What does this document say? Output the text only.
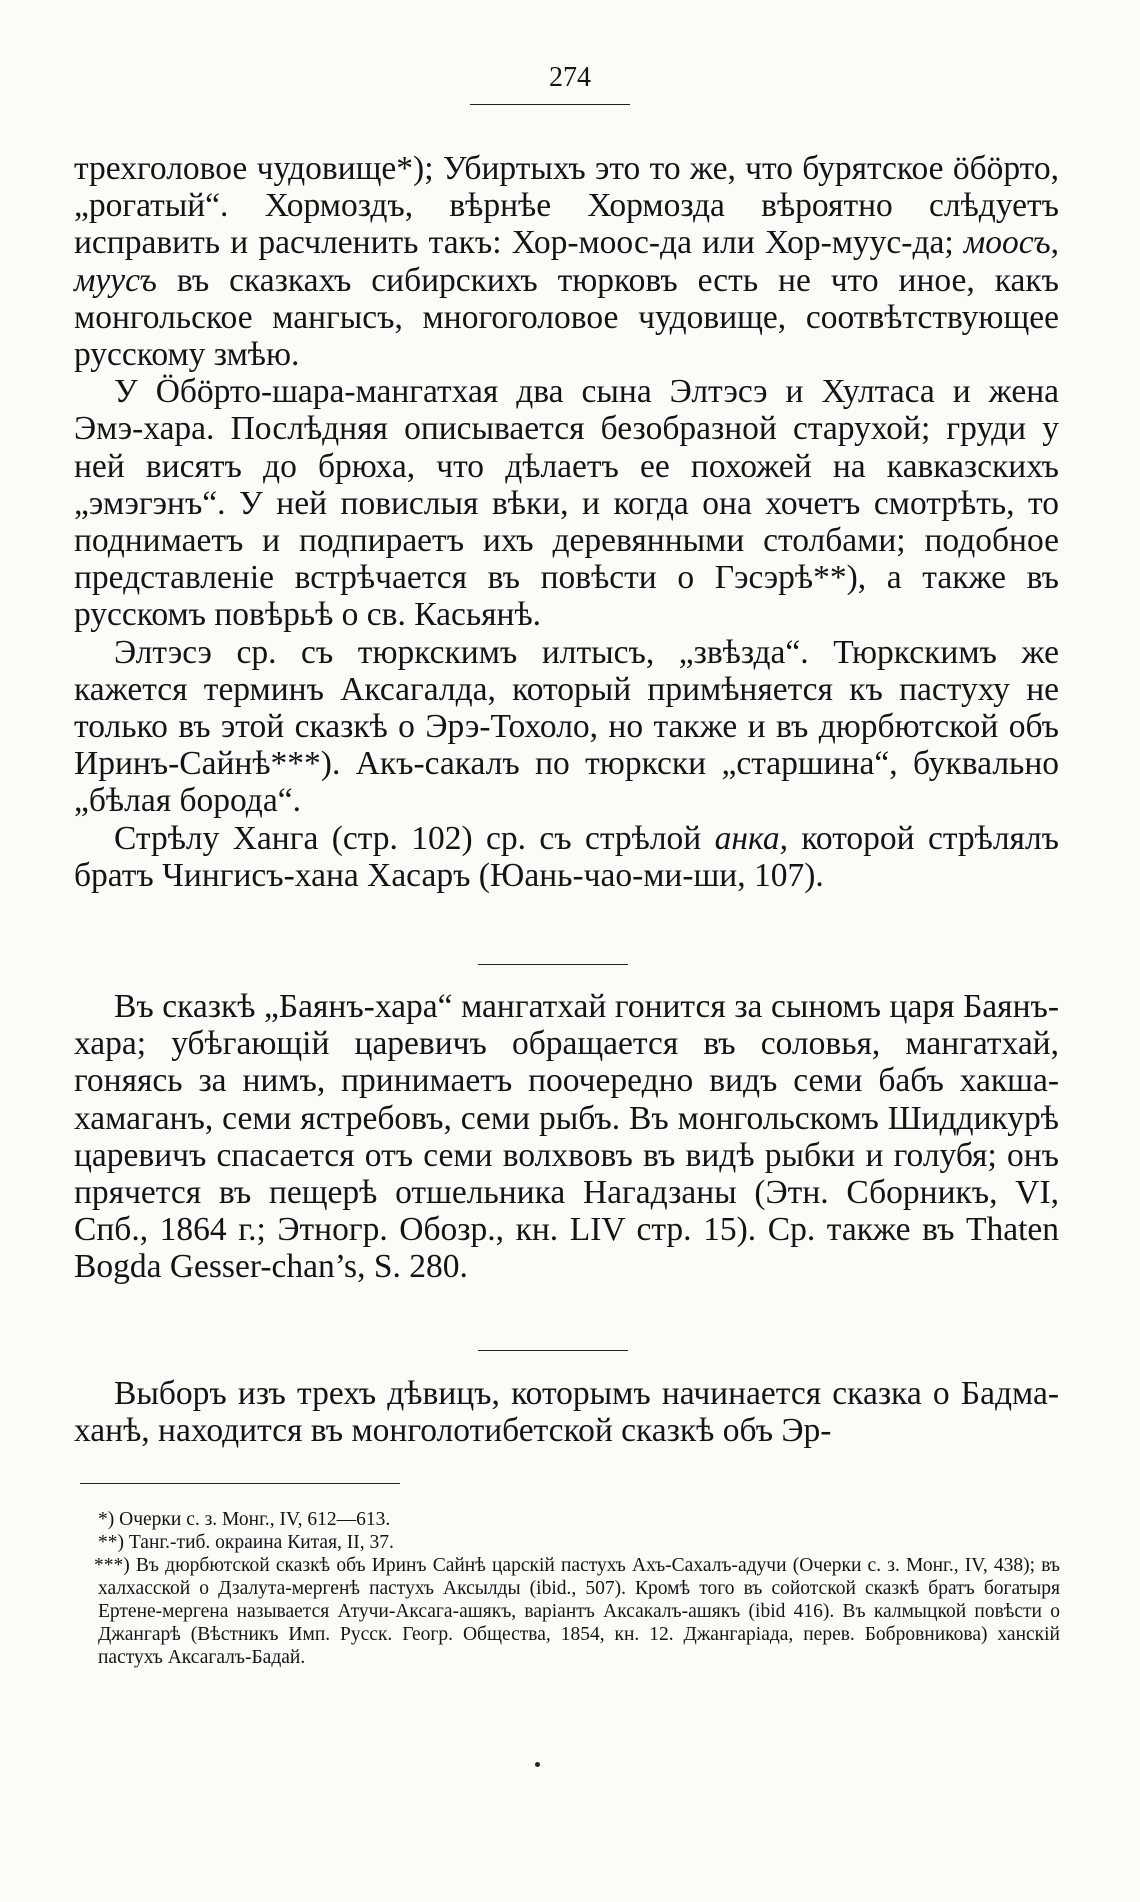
274

трехголовое чудовище*); Убиртыхъ это то же, что бурятское ӧбӧрто, „рогатый“. Хормоздъ, вѣрнѣе Хормозда вѣроятно слѣдуетъ исправить и расчленить такъ: Хор-моос-да или Хор-муус-да; моосъ, муусъ въ сказкахъ сибирскихъ тюрковъ есть не что иное, какъ монгольское мангысъ, многоголовое чудовище, соотвѣтствующее русскому змѣю.

У Ӧбӧрто-шара-мангатхая два сына Элтэсэ и Хултаса и жена Эмэ-хара. Послѣдняя описывается безобразной старухой; груди у ней висятъ до брюха, что дѣлаетъ ее похожей на кавказскихъ „эмэгэнъ“. У ней повислыя вѣки, и когда она хочетъ смотрѣть, то поднимаетъ и подпираетъ ихъ деревянными столбами; подобное представленіе встрѣчается въ повѣсти о Гэсэрѣ**), а также въ русскомъ повѣрьѣ о св. Касьянѣ.

Элтэсэ ср. съ тюркскимъ илтысъ, „звѣзда“. Тюркскимъ же кажется терминъ Аксагалда, который примѣняется къ пастуху не только въ этой сказкѣ о Эрэ-Тохоло, но также и въ дюрбютской объ Иринъ-Сайнѣ***). Акъ-сакалъ по тюркски „старшина“, буквально „бѣлая борода“.

Стрѣлу Ханга (стр. 102) ср. съ стрѣлой анка, которой стрѣлялъ братъ Чингисъ-хана Хасаръ (Юань-чао-ми-ши, 107).

Въ сказкѣ „Баянъ-хара“ мангатхай гонится за сыномъ царя Баянъ-хара; убѣгающій царевичъ обращается въ соловья, мангатхай, гоняясь за нимъ, принимаетъ поочередно видъ семи бабъ хакша-хамаганъ, семи ястребовъ, семи рыбъ. Въ монгольскомъ Шиддикурѣ царевичъ спасается отъ семи волхвовъ въ видѣ рыбки и голубя; онъ прячется въ пещерѣ отшельника Нагадзаны (Этн. Сборникъ, VI, Спб., 1864 г.; Этногр. Обозр., кн. LIV стр. 15). Ср. также въ Thaten Bogda Gesser-chan’s, S. 280.

Выборъ изъ трехъ дѣвицъ, которымъ начинается сказка о Бадма-ханѣ, находится въ монголотибетской сказкѣ объ Эр-

*) Очерки с. з. Монг., IV, 612—613.

**) Танг.-тиб. окраина Китая, II, 37.

***) Въ дюрбютской сказкѣ объ Иринъ Сайнѣ царскій пастухъ Ахъ-Сахалъ-адучи (Очерки с. з. Монг., IV, 438); въ халхасской о Дзалута-мергенѣ пастухъ Аксылды (ibid., 507). Кромѣ того въ сойотской сказкѣ братъ богатыря Ертене-мергена называется Атучи-Аксага-ашякъ, варіантъ Аксакалъ-ашякъ (ibid 416). Въ калмыцкой повѣсти о Джангарѣ (Вѣстникъ Имп. Русск. Геогр. Общества, 1854, кн. 12. Джангаріада, перев. Бобровникова) ханскій пастухъ Аксагалъ-Бадай.
